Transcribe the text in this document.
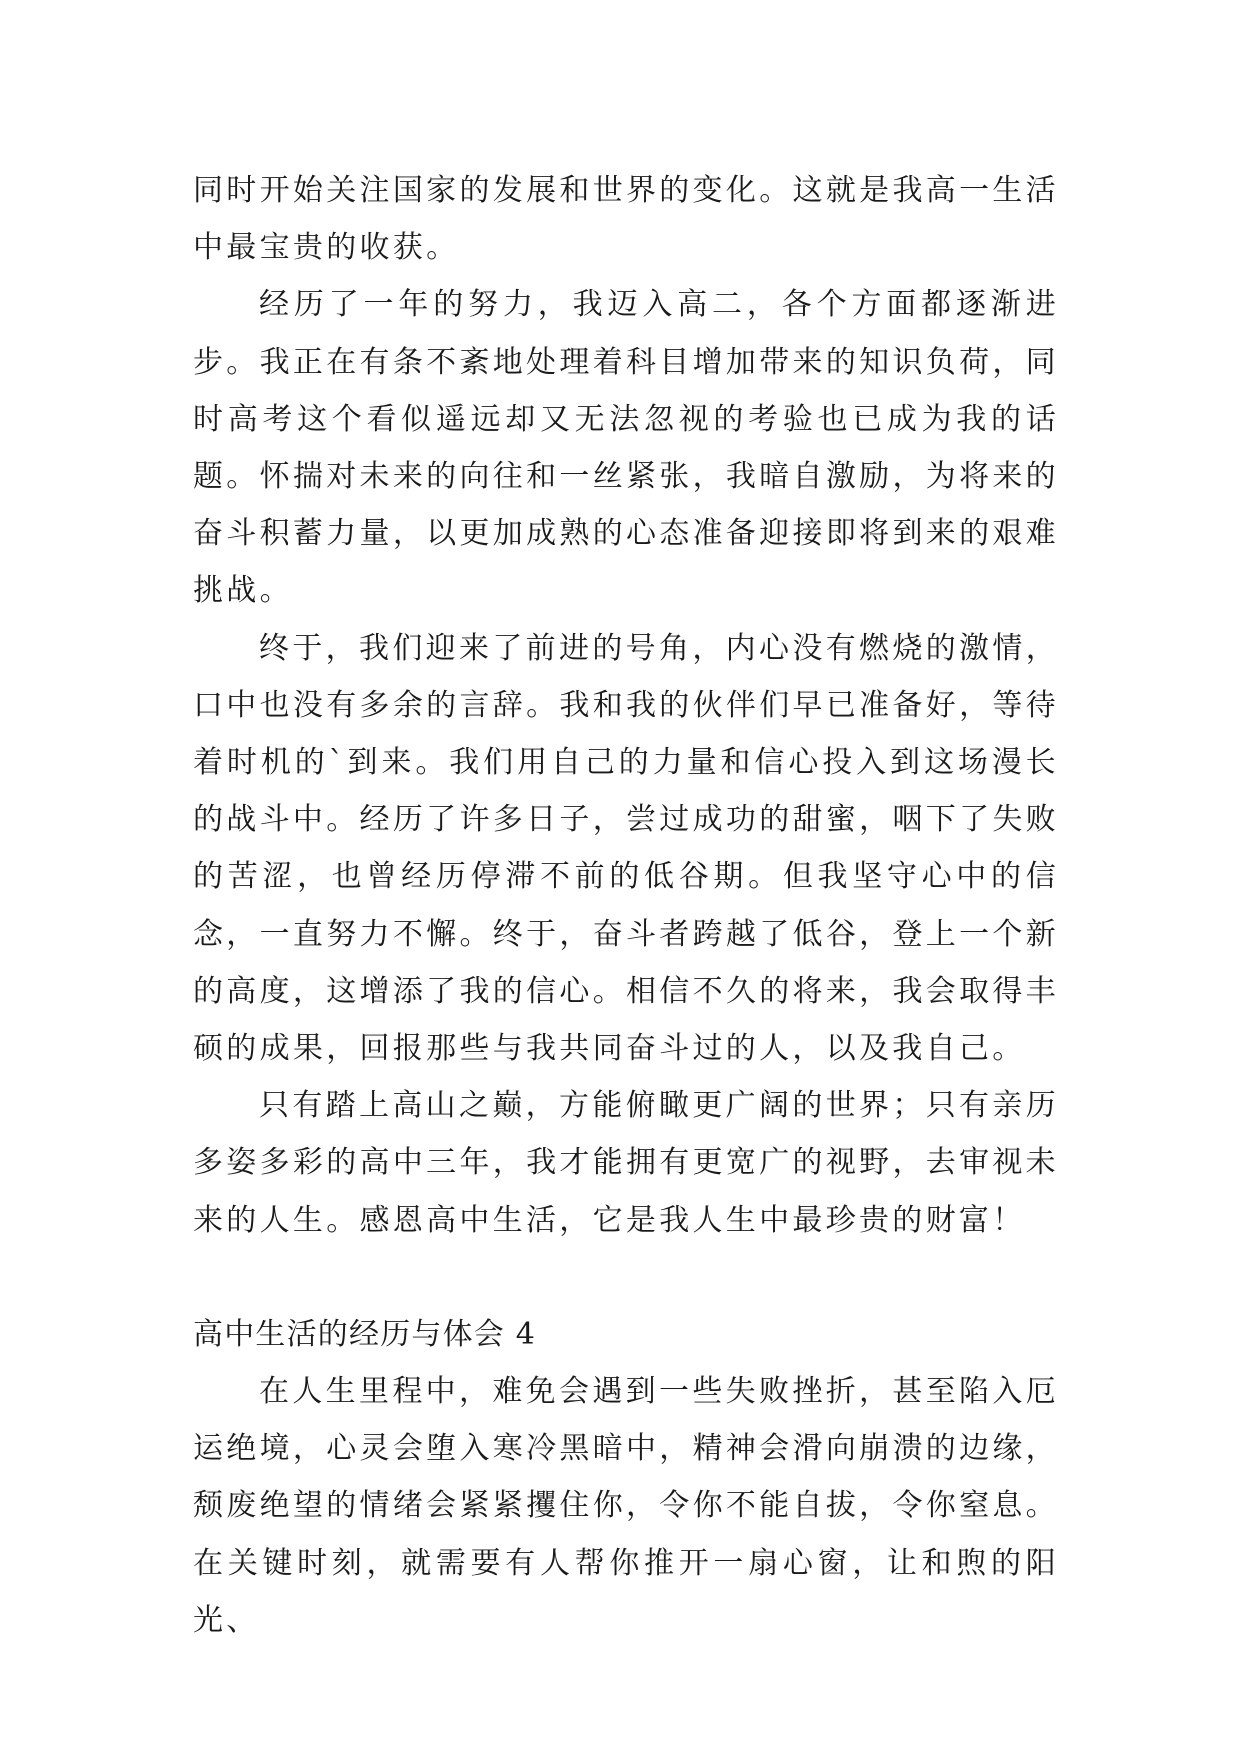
同时开始关注国家的发展和世界的变化。这就是我高一生活中最宝贵的收获。

经历了一年的努力，我迈入高二，各个方面都逐渐进步。我正在有条不紊地处理着科目增加带来的知识负荷，同时高考这个看似遥远却又无法忽视的考验也已成为我的话题。怀揣对未来的向往和一丝紧张，我暗自激励，为将来的奋斗积蓄力量，以更加成熟的心态准备迎接即将到来的艰难挑战。

终于，我们迎来了前进的号角，内心没有燃烧的激情，口中也没有多余的言辞。我和我的伙伴们早已准备好，等待着时机的`到来。我们用自己的力量和信心投入到这场漫长的战斗中。经历了许多日子，尝过成功的甜蜜，咽下了失败的苦涩，也曾经历停滞不前的低谷期。但我坚守心中的信念，一直努力不懈。终于，奋斗者跨越了低谷，登上一个新的高度，这增添了我的信心。相信不久的将来，我会取得丰硕的成果，回报那些与我共同奋斗过的人，以及我自己。

只有踏上高山之巅，方能俯瞰更广阔的世界；只有亲历多姿多彩的高中三年，我才能拥有更宽广的视野，去审视未来的人生。感恩高中生活，它是我人生中最珍贵的财富！

高中生活的经历与体会 4

在人生里程中，难免会遇到一些失败挫折，甚至陷入厄运绝境，心灵会堕入寒冷黑暗中，精神会滑向崩溃的边缘，颓废绝望的情绪会紧紧攫住你，令你不能自拔，令你窒息。在关键时刻，就需要有人帮你推开一扇心窗，让和煦的阳光、
